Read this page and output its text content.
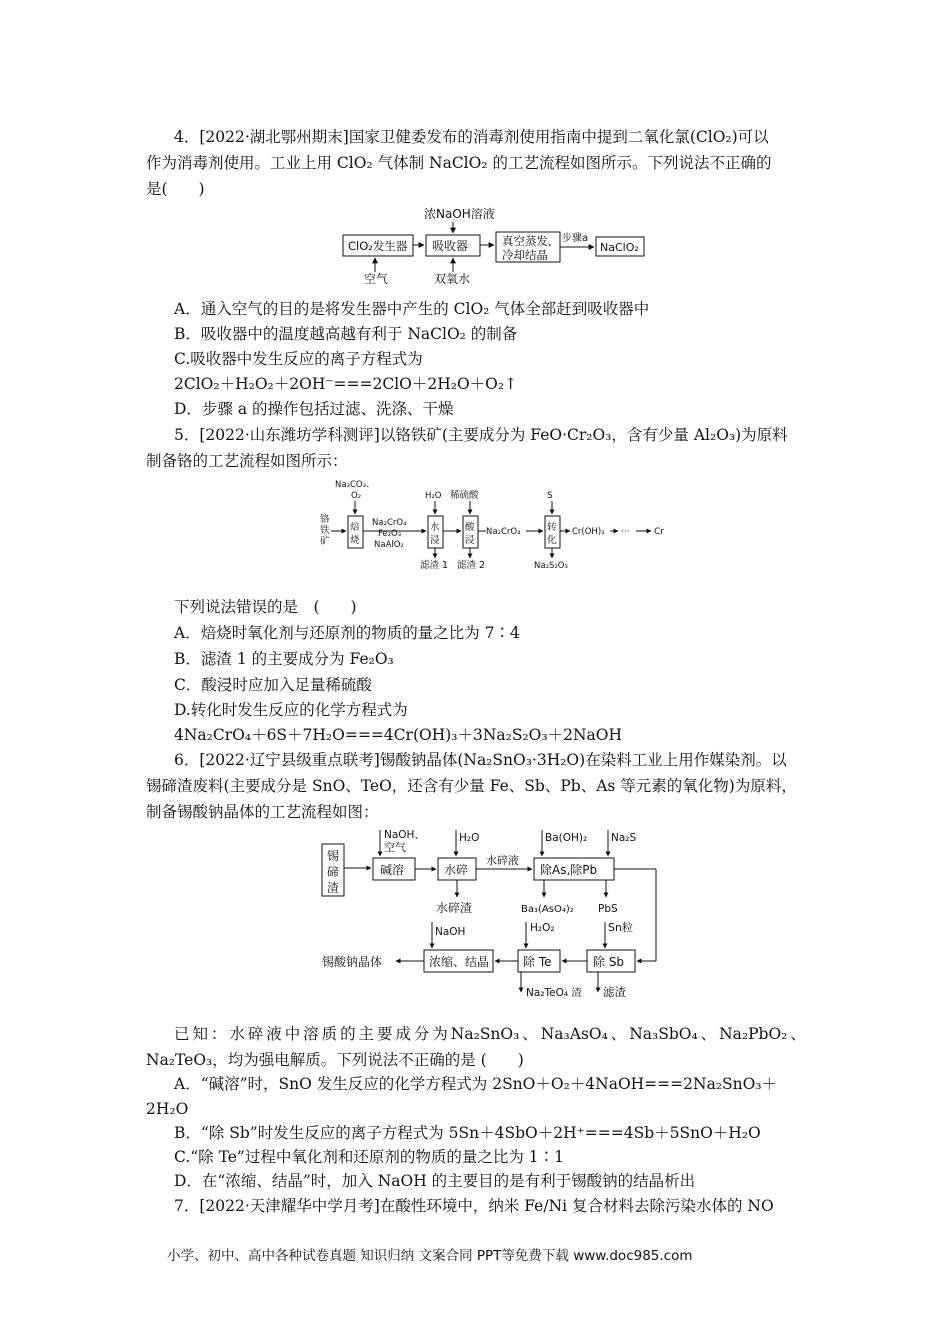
4．[2022·湖北鄂州期末]国家卫健委发布的消毒剂使用指南中提到二氧化氯(ClO₂)可以
作为消毒剂使用。工业上用 ClO₂ 气体制 NaClO₂ 的工艺流程如图所示。下列说法不正确的
是(　　)
浓NaOH溶液
ClO₂发生器 吸收器	真空蒸发,
冷却结晶
步骤a
NaClO₂
空气	双氧水
A．通入空气的目的是将发生器中产生的 ClO₂ 气体全部赶到吸收器中
B．吸收器中的温度越高越有利于 NaClO₂ 的制备
C.吸收器中发生反应的离子方程式为
2ClO₂＋H₂O₂＋2OH⁻===2ClO＋2H₂O＋O₂↑
D．步骤 a 的操作包括过滤、洗涤、干燥
5．[2022·山东潍坊学科测评]以铬铁矿(主要成分为 FeO·Cr₂O₃，含有少量 Al₂O₃)为原料
制备铬的工艺流程如图所示：
铬
铁
矿
Na₂CO₃、
O₂
焙
烧
Na₂CrO₄
Fe₂O₃
NaAlO₂
H₂O
水
浸
稀硫酸
酸
浸
Na₂CrO₄
S
转
化
Cr(OH)₃ ···	Cr
滤渣 1 滤渣 2	Na₂S₂O₃
下列说法错误的是　(　　)
A．焙烧时氧化剂与还原剂的物质的量之比为 7∶4
B．滤渣 1 的主要成分为 Fe₂O₃
C．酸浸时应加入足量稀硫酸
D.转化时发生反应的化学方程式为
4Na₂CrO₄＋6S＋7H₂O===4Cr(OH)₃＋3Na₂S₂O₃＋2NaOH
6．[2022·辽宁县级重点联考]锡酸钠晶体(Na₂SnO₃·3H₂O)在染料工业上用作媒染剂。以
锡碲渣废料(主要成分是 SnO、TeO，还含有少量 Fe、Sb、Pb、As 等元素的氧化物)为原料，
制备锡酸钠晶体的工艺流程如图：
锡
碲
渣
NaOH、
空气
碱溶
H₂O
水碎
水碎渣
水碎液
Ba(OH)₂ Na₂S
除As,除Pb
Ba₃(AsO₄)₂ PbS
Sn粒
除 Sb
滤渣
H₂O₂
除 Te
Na₂TeO₄ 渣
NaOH
浓缩、结晶
锡酸钠晶体
已 知 ： 水 碎 液 中 溶 质 的 主 要 成 分 为 Na₂SnO₃ 、 Na₃AsO₄ 、 Na₃SbO₄ 、 Na₂PbO₂ 、
Na₂TeO₃，均为强电解质。下列说法不正确的是 (　　)
A．“碱溶”时，SnO 发生反应的化学方程式为 2SnO＋O₂＋4NaOH===2Na₂SnO₃＋
2H₂O
B．“除 Sb”时发生反应的离子方程式为 5Sn＋4SbO＋2H⁺===4Sb＋5SnO＋H₂O
C.“除 Te”过程中氧化剂和还原剂的物质的量之比为 1∶1
D．在“浓缩、结晶”时，加入 NaOH 的主要目的是有利于锡酸钠的结晶析出
7．[2022·天津耀华中学月考]在酸性环境中，纳米 Fe/Ni 复合材料去除污染水体的 NO
小学、初中、高中各种试卷真题 知识归纳 文案合同 PPT等免费下载 www.doc985.com
